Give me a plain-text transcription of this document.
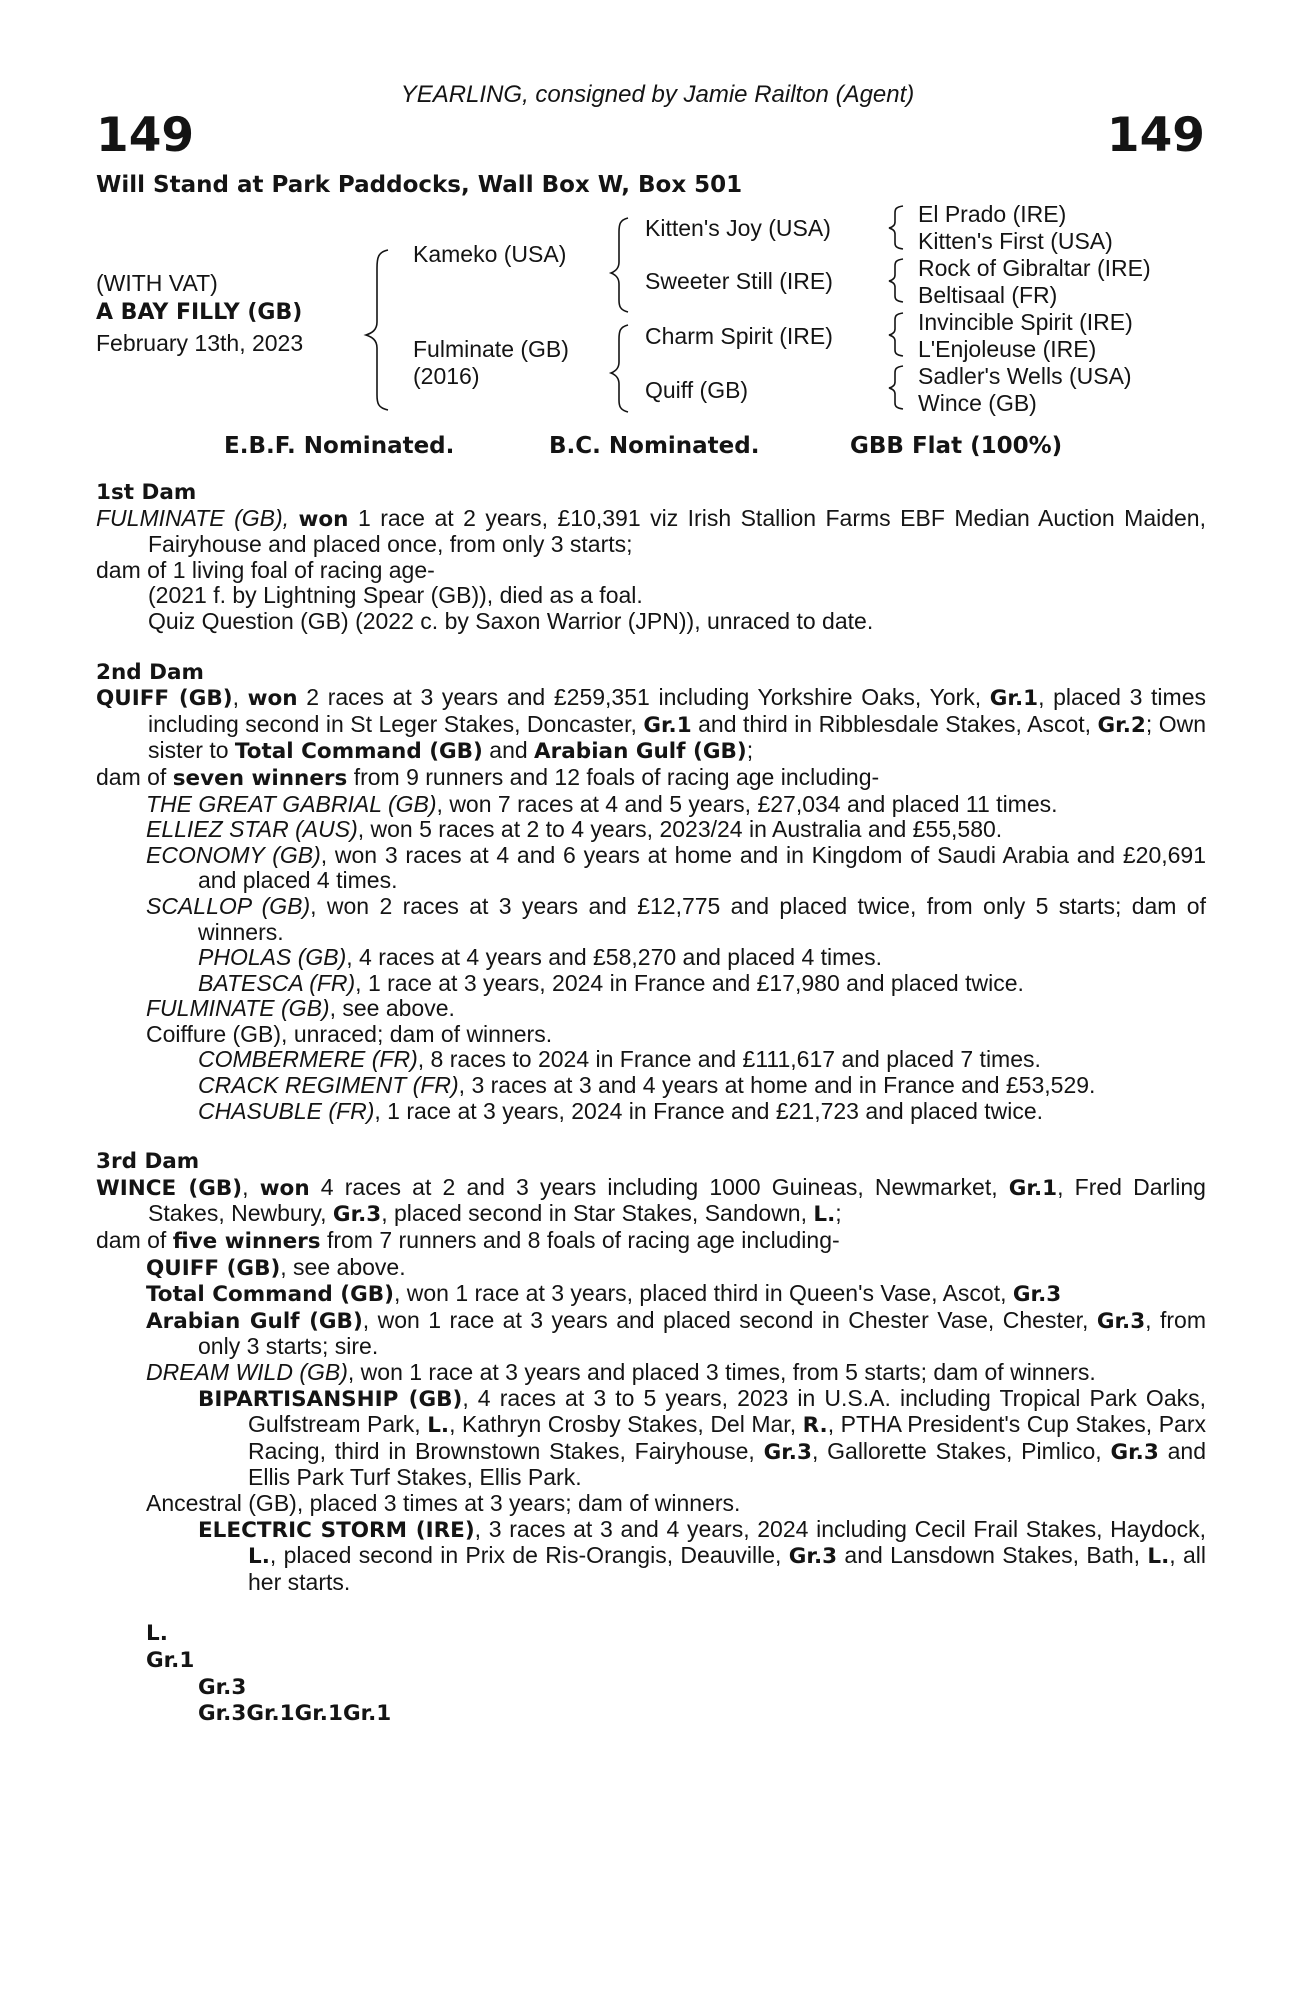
YEARLING, consigned by Jamie Railton (Agent)
149	149
Will Stand at Park Paddocks, Wall Box W, Box 501
(WITH VAT)
A BAY FILLY (GB)
February 13th, 2023
Kameko (USA)
Fulminate (GB)
(2016)
Kitten's Joy (USA)
Sweeter Still (IRE)
Charm Spirit (IRE)
Quiff (GB)
El Prado (IRE)
Kitten's First (USA)
Rock of Gibraltar (IRE)
Beltisaal (FR)
Invincible Spirit (IRE)
L'Enjoleuse (IRE)
Sadler's Wells (USA)
Wince (GB)
E.B.F. Nominated.	B.C. Nominated.	GBB Flat (100%)

1st Dam

FULMINATE (GB), won 1 race at 2 years, £10,391 viz Irish Stallion Farms EBF Median Auction Maiden, Fairyhouse and placed once, from only 3 starts;

dam of 1 living foal of racing age-

(2021 f. by Lightning Spear (GB)), died as a foal.

Quiz Question (GB) (2022 c. by Saxon Warrior (JPN)), unraced to date.

2nd Dam

QUIFF (GB), won 2 races at 3 years and £259,351 including Yorkshire Oaks, York, Gr.1, placed 3 times including second in St Leger Stakes, Doncaster, Gr.1 and third in Ribblesdale Stakes, Ascot, Gr.2; Own sister to Total Command (GB) and Arabian Gulf (GB);

dam of seven winners from 9 runners and 12 foals of racing age including-

THE GREAT GABRIAL (GB), won 7 races at 4 and 5 years, £27,034 and placed 11 times.

ELLIEZ STAR (AUS), won 5 races at 2 to 4 years, 2023/24 in Australia and £55,580.

ECONOMY (GB), won 3 races at 4 and 6 years at home and in Kingdom of Saudi Arabia and £20,691 and placed 4 times.

SCALLOP (GB), won 2 races at 3 years and £12,775 and placed twice, from only 5 starts; dam of winners.

PHOLAS (GB), 4 races at 4 years and £58,270 and placed 4 times.

BATESCA (FR), 1 race at 3 years, 2024 in France and £17,980 and placed twice.

FULMINATE (GB), see above.

Coiffure (GB), unraced; dam of winners.

COMBERMERE (FR), 8 races to 2024 in France and £111,617 and placed 7 times.

CRACK REGIMENT (FR), 3 races at 3 and 4 years at home and in France and £53,529.

CHASUBLE (FR), 1 race at 3 years, 2024 in France and £21,723 and placed twice.

3rd Dam

WINCE (GB), won 4 races at 2 and 3 years including 1000 Guineas, Newmarket, Gr.1, Fred Darling Stakes, Newbury, Gr.3, placed second in Star Stakes, Sandown, L.;

dam of five winners from 7 runners and 8 foals of racing age including-

QUIFF (GB), see above.

Total Command (GB), won 1 race at 3 years, placed third in Queen's Vase, Ascot, Gr.3

Arabian Gulf (GB), won 1 race at 3 years and placed second in Chester Vase, Chester, Gr.3, from only 3 starts; sire.

DREAM WILD (GB), won 1 race at 3 years and placed 3 times, from 5 starts; dam of winners.

BIPARTISANSHIP (GB), 4 races at 3 to 5 years, 2023 in U.S.A. including Tropical Park Oaks, Gulfstream Park, L., Kathryn Crosby Stakes, Del Mar, R., PTHA President's Cup Stakes, Parx Racing, third in Brownstown Stakes, Fairyhouse, Gr.3, Gallorette Stakes, Pimlico, Gr.3 and Ellis Park Turf Stakes, Ellis Park.

Ancestral (GB), placed 3 times at 3 years; dam of winners.

ELECTRIC STORM (IRE), 3 races at 3 and 4 years, 2024 including Cecil Frail Stakes, Haydock, L., placed second in Prix de Ris-Orangis, Deauville, Gr.3 and Lansdown Stakes, Bath, L., all her starts.

L.

Gr.1

Gr.3

Gr.3Gr.1Gr.1Gr.1
